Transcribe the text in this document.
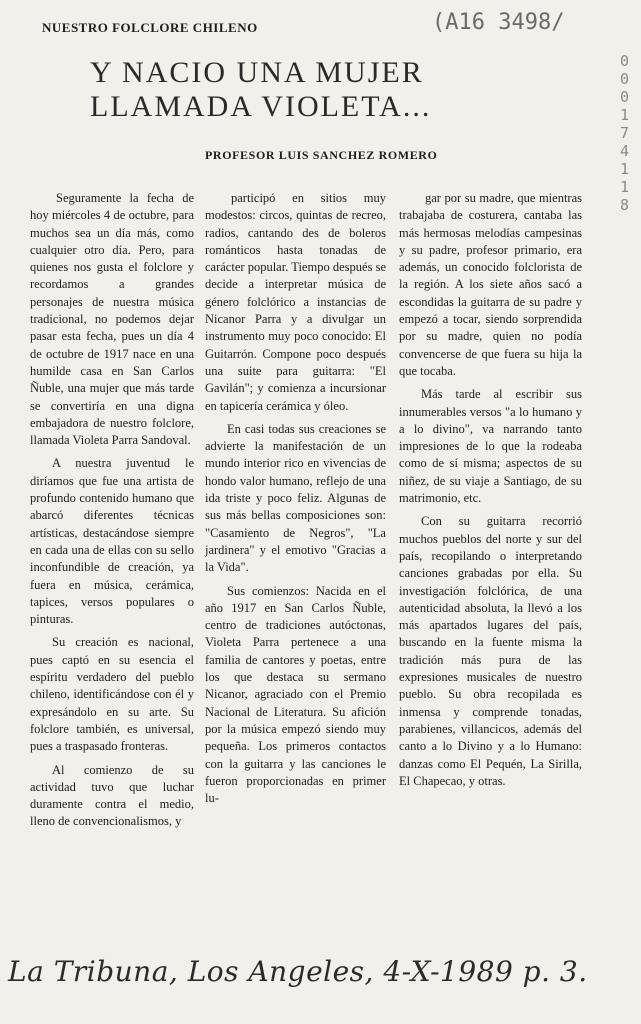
NUESTRO FOLCLORE CHILENO	(A16 3498/
000174118
Y NACIO UNA MUJER
LLAMADA VIOLETA...
PROFESOR LUIS SANCHEZ ROMERO

Seguramente la fecha de hoy miércoles 4 de octubre, para muchos sea un día más, como cualquier otro día. Pero, para quienes nos gusta el folclore y recordamos a grandes personajes de nuestra música tradicional, no podemos dejar pasar esta fecha, pues un día 4 de octubre de 1917 nace en una humilde casa en San Carlos Ñuble, una mujer que más tarde se convertiría en una digna embajadora de nuestro folclore, llamada Violeta Parra Sandoval.

A nuestra juventud le diríamos que fue una artista de profundo contenido humano que abarcó diferentes técnicas artísticas, destacándose siempre en cada una de ellas con su sello inconfundible de creación, ya fuera en música, cerámica, tapices, versos populares o pinturas.

Su creación es nacional, pues captó en su esencia el espíritu verdadero del pueblo chileno, identificándose con él y expresándolo en su arte. Su folclore también, es universal, pues a traspasado fronteras.

Al comienzo de su actividad tuvo que luchar duramente contra el medio, lleno de convencionalismos, y

participó en sitios muy modestos: circos, quintas de recreo, radios, cantando des de boleros románticos hasta tonadas de carácter popular. Tiempo después se decide a interpretar música de género folclórico a instancias de Nicanor Parra y a divulgar un instrumento muy poco conocido: El Guitarrón. Compone poco después una suite para guitarra: "El Gavilán"; y comienza a incursionar en tapicería cerámica y óleo.

En casi todas sus creaciones se advierte la manifestación de un mundo interior rico en vivencias de hondo valor humano, reflejo de una ida triste y poco feliz. Algunas de sus más bellas composiciones son: "Casamiento de Negros", "La jardinera" y el emotivo "Gracias a la Vida".

Sus comienzos: Nacida en el año 1917 en San Carlos Ñuble, centro de tradiciones autóctonas, Violeta Parra pertenece a una familia de cantores y poetas, entre los que destaca su sermano Nicanor, agraciado con el Premio Nacional de Literatura. Su afición por la música empezó siendo muy pequeña. Los primeros contactos con la guitarra y las canciones le fueron proporcionadas en primer lu-

gar por su madre, que mientras trabajaba de costurera, cantaba las más hermosas melodías campesinas y su padre, profesor primario, era además, un conocido folclorista de la región. A los siete años sacó a escondidas la guitarra de su padre y empezó a tocar, siendo sorprendida por su madre, quien no podía convencerse de que fuera su hija la que tocaba.

Más tarde al escribir sus innumerables versos "a lo humano y a lo divino", va narrando tanto impresiones de lo que la rodeaba como de sí misma; aspectos de su niñez, de su viaje a Santiago, de su matrimonio, etc.

Con su guitarra recorrió muchos pueblos del norte y sur del país, recopilando o interpretando canciones grabadas por ella. Su investigación folclórica, de una autenticidad absoluta, la llevó a los más apartados lugares del país, buscando en la fuente misma la tradición más pura de las expresiones musicales de nuestro pueblo. Su obra recopilada es inmensa y comprende tonadas, parabienes, villancicos, además del canto a lo Divino y a lo Humano: danzas como El Pequén, La Sirilla, El Chapecao, y otras.

La Tribuna, Los Angeles, 4-X-1989 p. 3.
